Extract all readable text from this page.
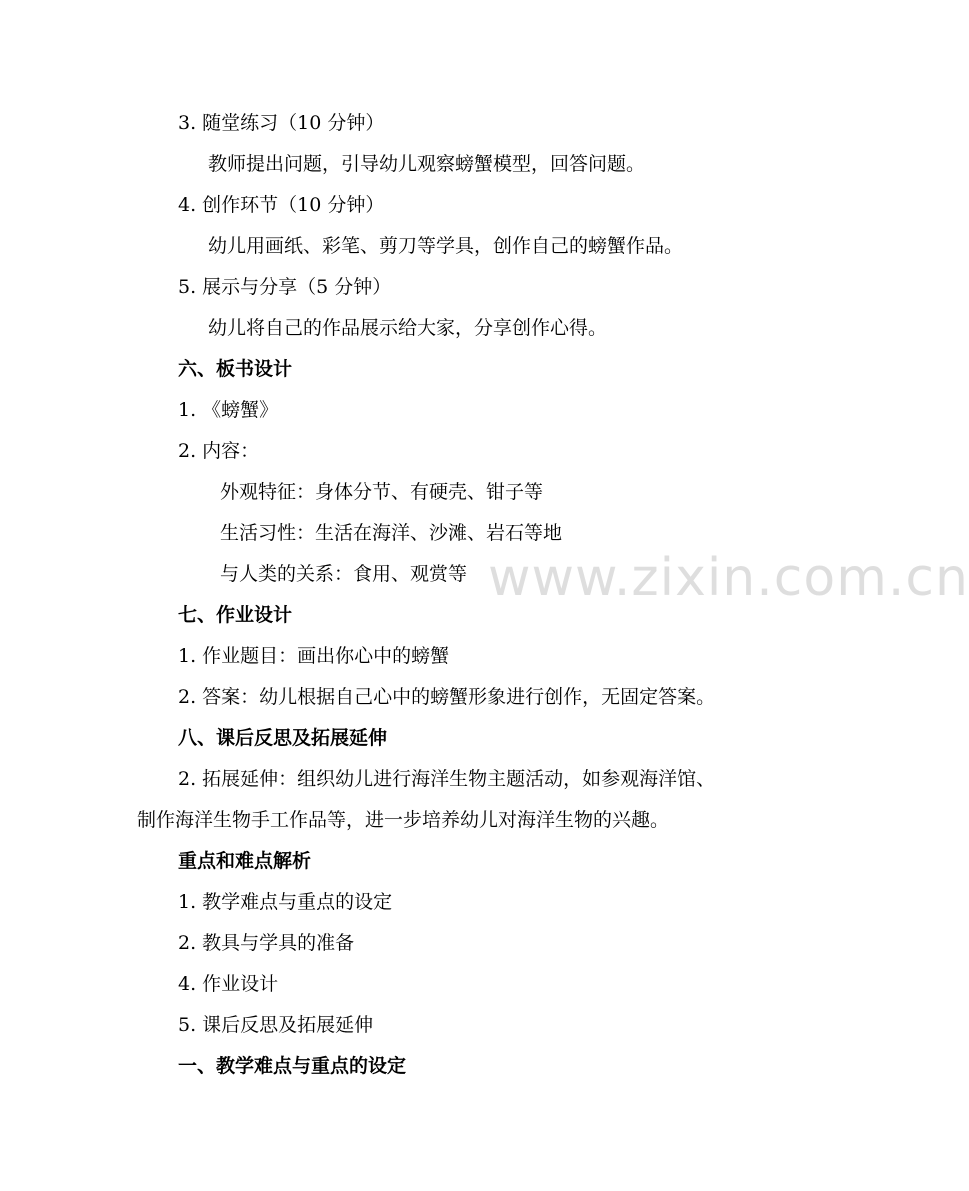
3. 随堂练习（10 分钟）
教师提出问题，引导幼儿观察螃蟹模型，回答问题。
4. 创作环节（10 分钟）
幼儿用画纸、彩笔、剪刀等学具，创作自己的螃蟹作品。
5. 展示与分享（5 分钟）
幼儿将自己的作品展示给大家，分享创作心得。
六、板书设计
1. 《螃蟹》
2. 内容：
外观特征：身体分节、有硬壳、钳子等
生活习性：生活在海洋、沙滩、岩石等地
与人类的关系：食用、观赏等
七、作业设计
1. 作业题目：画出你心中的螃蟹
2. 答案：幼儿根据自己心中的螃蟹形象进行创作，无固定答案。
八、课后反思及拓展延伸
2. 拓展延伸：组织幼儿进行海洋生物主题活动，如参观海洋馆、
制作海洋生物手工作品等，进一步培养幼儿对海洋生物的兴趣。
重点和难点解析
1. 教学难点与重点的设定
2. 教具与学具的准备
4. 作业设计
5. 课后反思及拓展延伸
一、教学难点与重点的设定
www.zixin.com.cn
